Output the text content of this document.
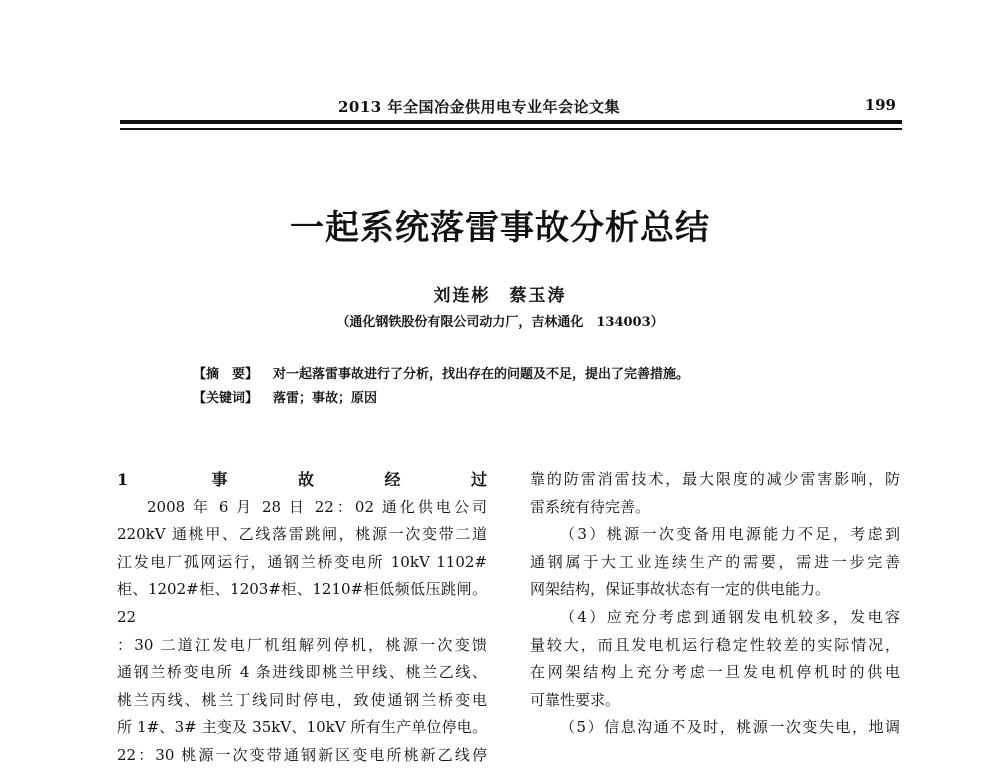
2013 年全国冶金供用电专业年会论文集	199
一起系统落雷事故分析总结
刘连彬　蔡玉涛
（通化钢铁股份有限公司动力厂，吉林通化　134003）
【摘　要】 对一起落雷事故进行了分析，找出存在的问题及不足，提出了完善措施。
【关键词】 落雷；事故；原因

1 事故经过

2008 年 6 月 28 日 22：02 通化供电公司

220kV 通桃甲、乙线落雷跳闸，桃源一次变带二道

江发电厂孤网运行，通钢兰桥变电所 10kV 1102#

柜、1202#柜、1203#柜、1210#柜低频低压跳闸。22

：30 二道江发电厂机组解列停机，桃源一次变馈

通钢兰桥变电所 4 条进线即桃兰甲线、桃兰乙线、

桃兰丙线、桃兰丁线同时停电，致使通钢兰桥变电

所 1#、3# 主变及 35kV、10kV 所有生产单位停电。

22：30 桃源一次变带通钢新区变电所桃新乙线停

靠的防雷消雷技术，最大限度的减少雷害影响，防

雷系统有待完善。

（3）桃源一次变备用电源能力不足，考虑到

通钢属于大工业连续生产的需要，需进一步完善

网架结构，保证事故状态有一定的供电能力。

（4）应充分考虑到通钢发电机较多，发电容

量较大，而且发电机运行稳定性较差的实际情况，

在网架结构上充分考虑一旦发电机停机时的供电

可靠性要求。

（5）信息沟通不及时，桃源一次变失电，地调
